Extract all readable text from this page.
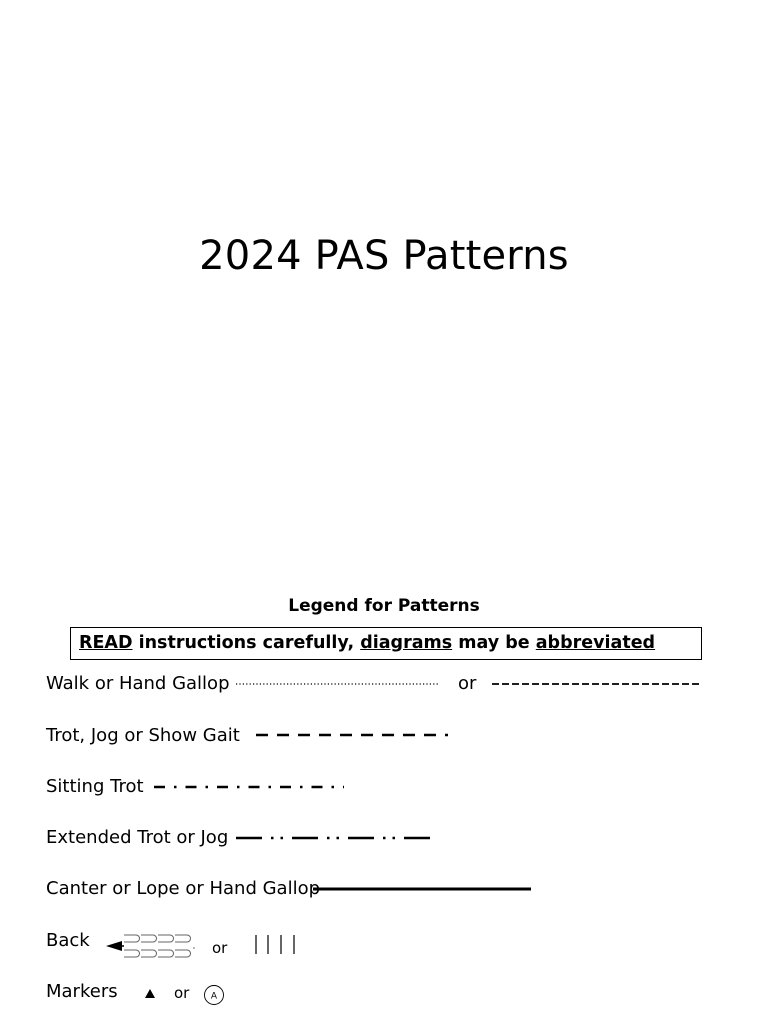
2024 PAS Patterns
Legend for Patterns
READ instructions carefully, diagrams may be abbreviated
Walk or Hand Gallop	or
Trot, Jog or Show Gait
Sitting Trot
Extended Trot or Jog
Canter or Lope or Hand Gallop
Back	or
Markers	or A
